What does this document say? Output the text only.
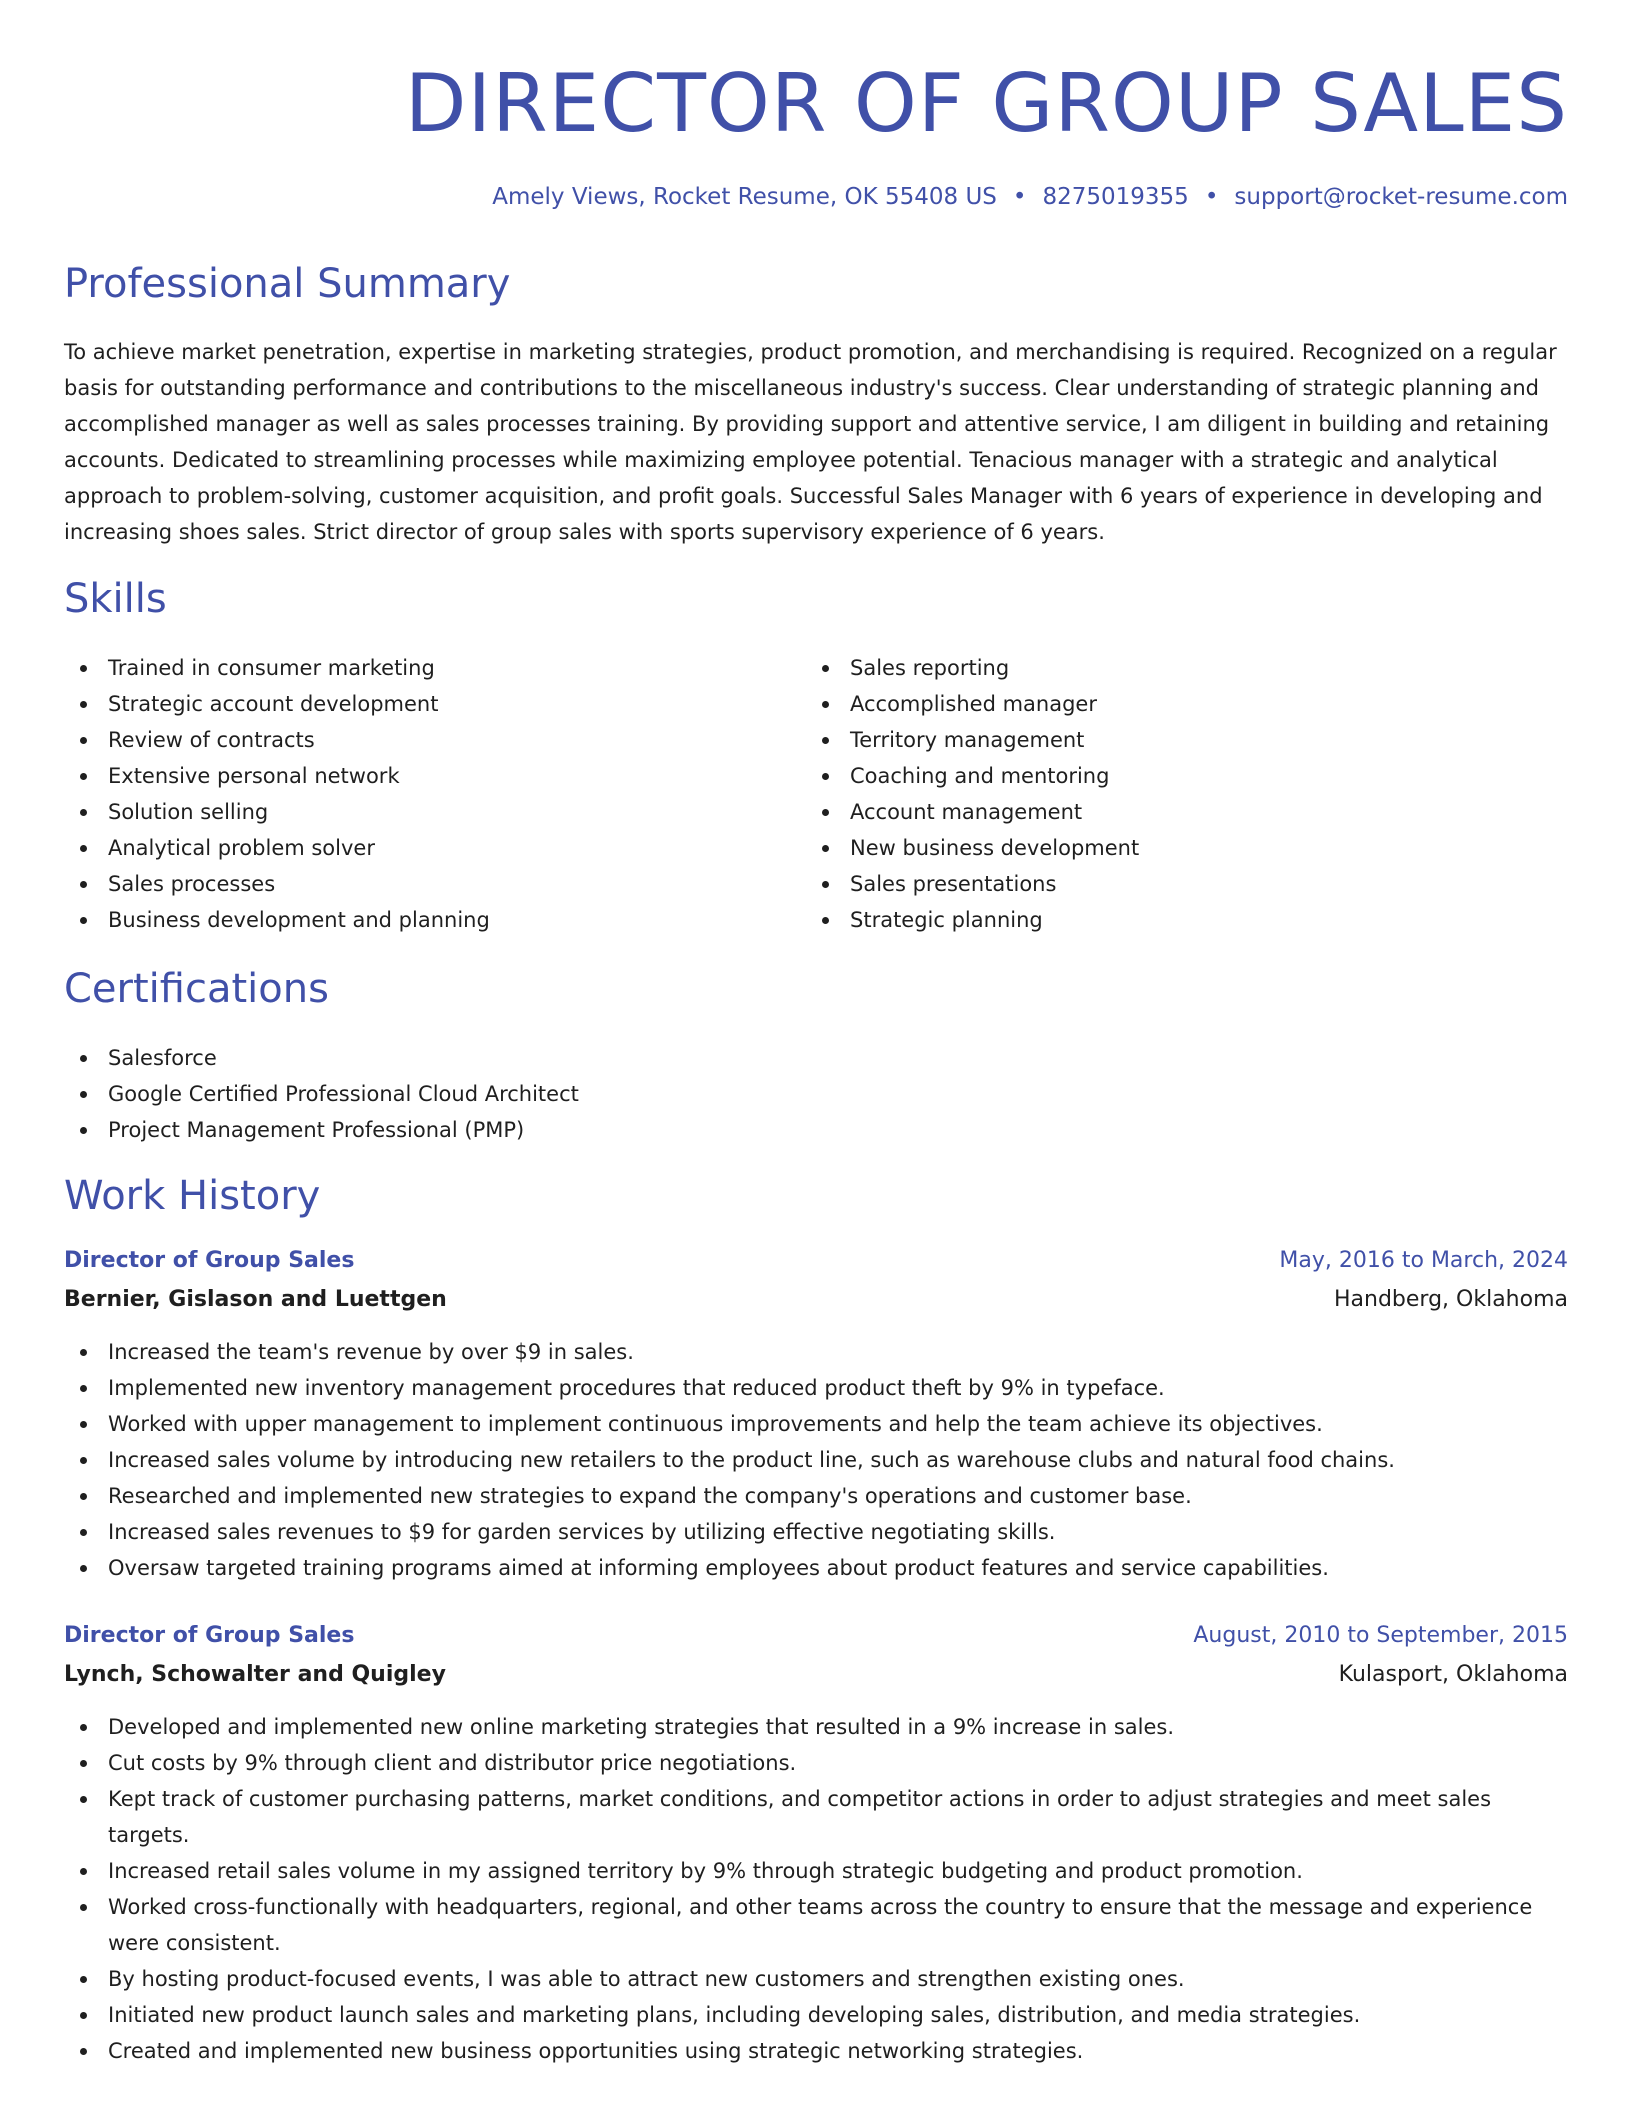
DIRECTOR OF GROUP SALES
Amely Views, Rocket Resume, OK 55408 US • 8275019355 • support@rocket-resume.com
Professional Summary

To achieve market penetration, expertise in marketing strategies, product promotion, and merchandising is required. Recognized on a regular basis for outstanding performance and contributions to the miscellaneous industry's success. Clear understanding of strategic planning and accomplished manager as well as sales processes training. By providing support and attentive service, I am diligent in building and retaining accounts. Dedicated to streamlining processes while maximizing employee potential. Tenacious manager with a strategic and analytical approach to problem-solving, customer acquisition, and profit goals. Successful Sales Manager with 6 years of experience in developing and increasing shoes sales. Strict director of group sales with sports supervisory experience of 6 years.

Skills
Trained in consumer marketing
Strategic account development
Review of contracts
Extensive personal network
Solution selling
Analytical problem solver
Sales processes
Business development and planning
Sales reporting
Accomplished manager
Territory management
Coaching and mentoring
Account management
New business development
Sales presentations
Strategic planning
Certifications
Salesforce
Google Certified Professional Cloud Architect
Project Management Professional (PMP)
Work History
Director of Group Sales	May, 2016 to March, 2024
Bernier, Gislason and Luettgen	Handberg, Oklahoma
Increased the team's revenue by over $9 in sales.
Implemented new inventory management procedures that reduced product theft by 9% in typeface.
Worked with upper management to implement continuous improvements and help the team achieve its objectives.
Increased sales volume by introducing new retailers to the product line, such as warehouse clubs and natural food chains.
Researched and implemented new strategies to expand the company's operations and customer base.
Increased sales revenues to $9 for garden services by utilizing effective negotiating skills.
Oversaw targeted training programs aimed at informing employees about product features and service capabilities.
Director of Group Sales	August, 2010 to September, 2015
Lynch, Schowalter and Quigley	Kulasport, Oklahoma
Developed and implemented new online marketing strategies that resulted in a 9% increase in sales.
Cut costs by 9% through client and distributor price negotiations.
Kept track of customer purchasing patterns, market conditions, and competitor actions in order to adjust strategies and meet sales targets.
Increased retail sales volume in my assigned territory by 9% through strategic budgeting and product promotion.
Worked cross-functionally with headquarters, regional, and other teams across the country to ensure that the message and experience were consistent.
By hosting product-focused events, I was able to attract new customers and strengthen existing ones.
Initiated new product launch sales and marketing plans, including developing sales, distribution, and media strategies.
Created and implemented new business opportunities using strategic networking strategies.
